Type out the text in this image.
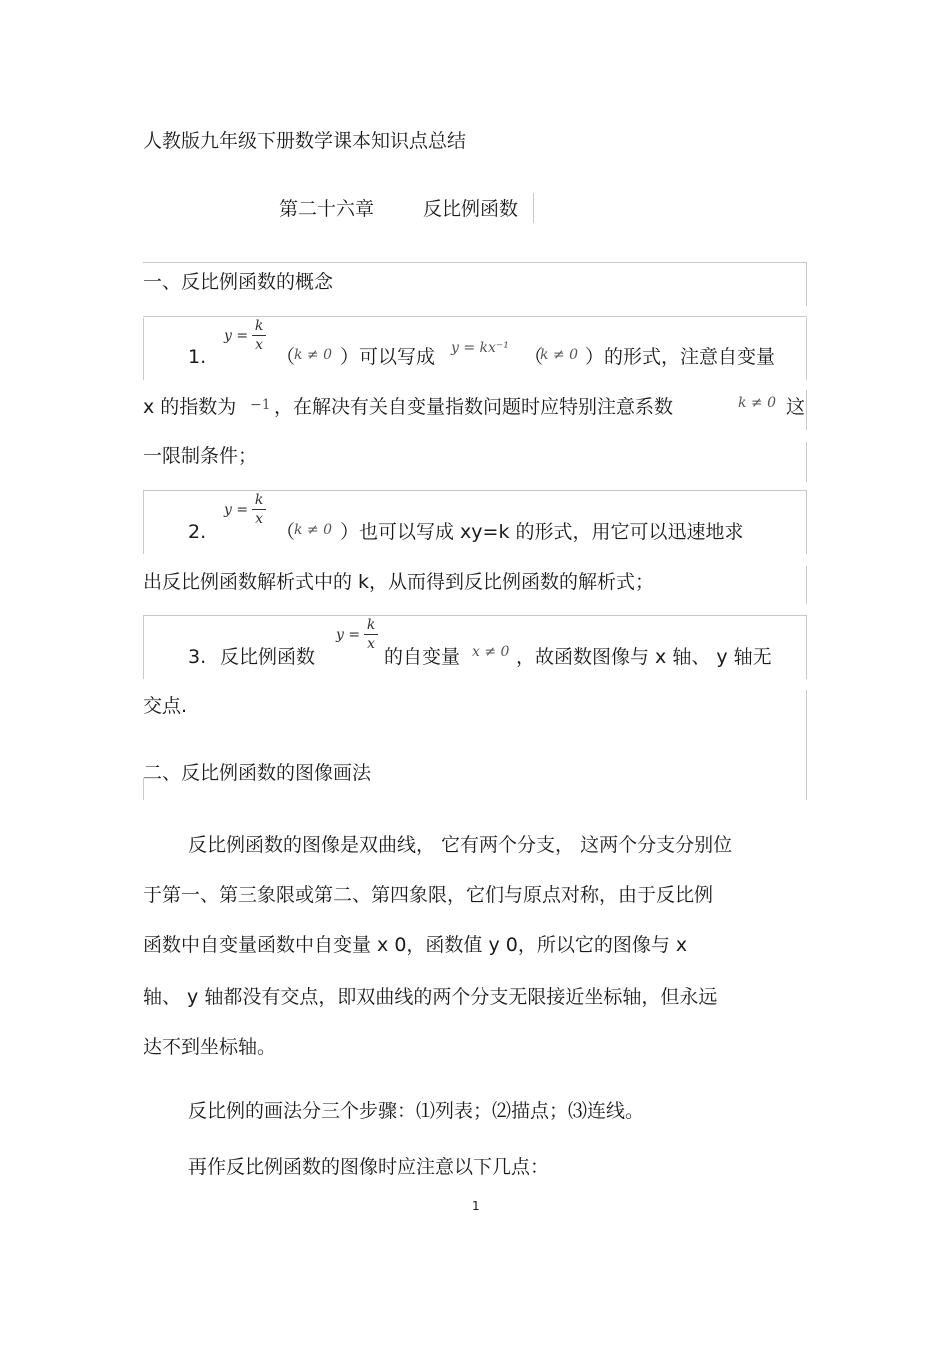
人教版九年级下册数学课本知识点总结
第二十六章	反比例函数
一、反比例函数的概念
1.
y =
k
x
（
k ≠ 0 ）可以写成 y = kx⁻¹ （
k ≠ 0 ）的形式，注意自变量
x 的指数为 −1 ，在解决有关自变量指数问题时应特别注意系数	k ≠ 0 这
一限制条件；
2.
y =
k
x
（
k ≠ 0 ）也可以写成 xy=k 的形式，用它可以迅速地求
出反比例函数解析式中的 k，从而得到反比例函数的解析式；
3. 反比例函数
y =
k
x
的自变量 x ≠ 0 ，故函数图像与 x 轴、 y 轴无
交点.
二、反比例函数的图像画法
反比例函数的图像是双曲线， 它有两个分支， 这两个分支分别位
于第一、第三象限或第二、第四象限，它们与原点对称，由于反比例
函数中自变量函数中自变量 x 0，函数值 y 0，所以它的图像与 x
轴、 y 轴都没有交点，即双曲线的两个分支无限接近坐标轴，但永远
达不到坐标轴。
反比例的画法分三个步骤：⑴列表；⑵描点；⑶连线。
再作反比例函数的图像时应注意以下几点：
1
